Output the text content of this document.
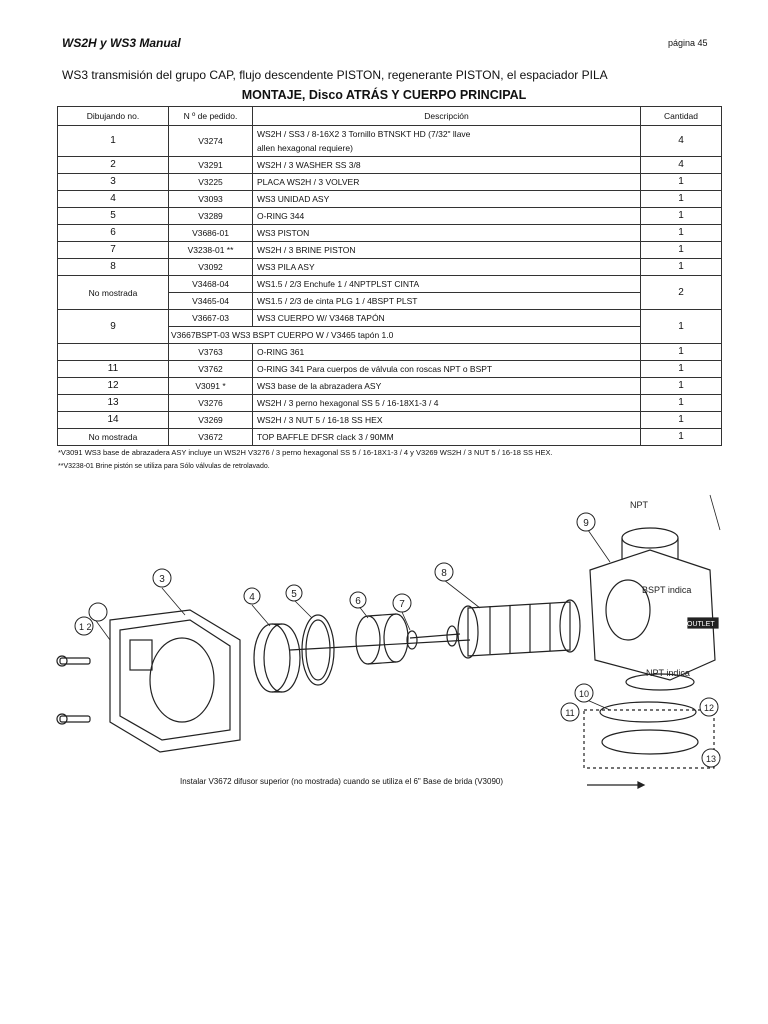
WS2H y WS3 Manual	página 45
WS3 transmisión del grupo CAP, flujo descendente PISTON, regenerante PISTON, el espaciador PILA
MONTAJE, Disco ATRÁS Y CUERPO PRINCIPAL
Dibujando no.	N º de pedido.	Descripción	Cantidad
1	V3274	WS2H / SS3 / 8-16X2 3 Tornillo BTNSKT HD (7/32" llave
allen hexagonal requiere)	4
2	V3291	WS2H / 3 WASHER SS 3/8	4
3	V3225	PLACA WS2H / 3 VOLVER	1
4	V3093	WS3 UNIDAD ASY	1
5	V3289	O-RING 344	1
6	V3686-01	WS3 PISTON	1
7	V3238-01 **	WS2H / 3 BRINE PISTON	1
8	V3092	WS3 PILA ASY	1
No mostrada	V3468-04	WS1.5 / 2/3 Enchufe 1 / 4NPTPLST CINTA	2
	V3465-04	WS1.5 / 2/3 de cinta PLG 1 / 4BSPT PLST	
9	V3667-03	WS3 CUERPO W/ V3468 TAPÓN	1
	V3667BSPT-03 WS3 BSPT CUERPO W / V3465 tapón 1.0		
	V3763	O-RING 361	1
11	V3762	O-RING 341 Para cuerpos de válvula con roscas NPT o BSPT	1
12	V3091 *	WS3 base de la abrazadera ASY	1
13	V3276	WS2H / 3 perno hexagonal SS 5 / 16-18X1-3 / 4	1
14	V3269	WS2H / 3 NUT 5 / 16-18 SS HEX	1
No mostrada	V3672	TOP BAFFLE DFSR clack 3 / 90MM	1
*V3091 WS3 base de abrazadera ASY incluye un WS2H V3276 / 3 perno hexagonal SS 5 / 16-18X1-3 / 4 y V3269 WS2H / 3 NUT 5 / 16-18 SS HEX.
**V3238-01 Brine pistón se utiliza para Sólo válvulas de retrolavado.
3
4	5
6	7
8
9
10
11	12
13
1 2
NPT
BSPT indica
NPT indica
OUTLET
Instalar V3672 difusor superior (no mostrada) cuando se utiliza el 6" Base de brida (V3090)
